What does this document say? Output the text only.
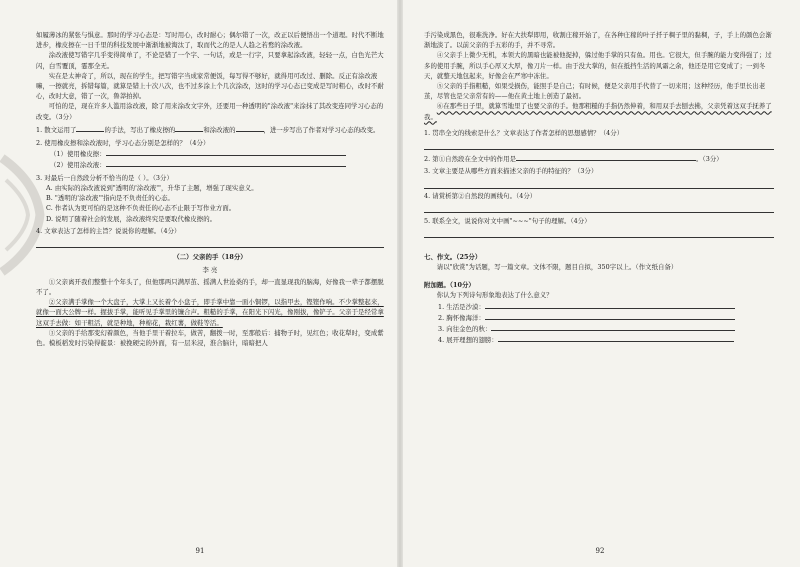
如履薄冰的紧张与惧意。那时的学习心态是：写时用心，改时耐心；偶尔错了一次，改正以后便悟出一个道理。时代不断地进步，橡皮擦在一日千里的科技发展中渐渐地被淘汰了，取而代之的是人人趋之若鹜的涂改液。

涂改液使写错字几乎变得简单了，不论是错了一个字、一句话，或是一行字，只要拿起涂改液，轻轻一点，白色光芒大闪，白雪覆顶，霎那全无。

实在是太神奇了，所以，现在的学生，把写错字当成家常便饭，每写得不够好，就得用可改过、删除。反正有涂改液嘛，一擦就亮，拆错每篇，就算是错上十次八次，也不过多涂上个几次涂改，这时的学习心态已变成是写时粗心，改时不耐心，改时大意，错了一次，鲁莽拍掉。

可怕的是，现在许多人滥用涂改液，除了用来涂改文字外，还要用一种透明的"涂改液"来涂抹了其改变连同学习心态的改变。（3分）

1. 散文运用了	的手法，写出了橡皮擦的	和涂改液的	，进一步写出了作者对学习心态的改变。

2. 使用橡皮擦和涂改液时，学习心态分别是怎样的？（4分）

（1）使用橡皮擦：

（2）使用涂改液：

3. 对最后一自然段分析不恰当的是（ ）。（3分）

A. 由实际的涂改液说到"透明的'涂改液'"，升华了主题，增强了现实意义。

B. "透明的'涂改液'"指向是不负责任的心态。

C. 作者认为更可怕的是这种不负责任的心态不止限于写作业方面。

D. 说明了随着社会的发展，涂改液终究是要取代橡皮擦的。

4. 文章表达了怎样的主旨？说说你的理解。（4分）

（二）父亲的手（18分）

李 亮

①父亲离开我们整整十个年头了，但他那两只满厚茧、摇满人世沧桑的手，却一直显现我的脑海，好像我一辈子都摆脱不了。

②父亲满手掌像一个大盘子，大掌上又长着个小盘子，即手掌中靠一面小铜锣，以指甲去，铿铿作响。不少掌整起来，就像一面大公牌一样。握拔手掌，能听见手掌里的镰合声。粗糙的手掌，在阳光下闪光，像刚拔，像铲子。父亲于是经常拿这双手去做：如干粗活，就是种地，种棉花，栽红薯，做鞋等活。

③父亲的手给那变幻着颜色，当他手里干着拉车，做苦，翻拨一时，至那般后：捕物子时，见红色；收花犁时，变成紫色。模板稻发时污染得靛景：被挽硬完的外面，有一层米浸，淮合脑计，暗暗把人

91

手污染成黑色，很难洗净。好在大扶犁即用，收割庄稼开始了，在各种庄稼的叶子扦子稠子里的黏稠，子，手上的颜色会渐渐地淡了。以前父亲的手五彩的手，并不寻常。

④父亲手上微少无机，本领大的黑暗也能被他捉掉，躲过他手掌的只有鱼。用也。它很大，但手腕的能力变得强了；过多的使用手腕，所以手心厚又大厚，像刀片一样。由于没大掌的，但在抵挡生活的风霜之余，他还是用它变成了；一到冬天，就整天地包起来，好像会在严寒中冻住。

⑤父亲的手指粗糙，如果受损伤，能照手是自己；有时候，便是父亲用手代替了一切来用；这种经历，他手里长出老茧，尽管也是父亲常有的——他在黄土地上创造了最初。

⑥在那些日子里，就算雪地里了也要父亲的手。他那粗糙的手指仍然伸着，和用双手去刨去拂，父亲凭着这双手抚养了我。

1. 贯串全文的线索是什么？文章表达了作者怎样的思想感情？（4分）

2. 第①自然段在全文中的作用是	。（3分）

3. 文章主要是从哪些方面来描述父亲的手的特征的？（3分）

4. 请赏析第②自然段的画线句。（4分）

5. 联系全文，说说你对文中画"~~~"句子的理解。（4分）

七、作文。（25分）

请以"欣赏"为话题，写一篇文章。文体不限，题目自拟，350字以上。（作文纸自备）

附加题。（10分）

你认为下列诗句形象地表达了什么意义？

1. 生活是沙漠：

2. 胸怀像海洋：

3. 向往金色的秋：

4. 展开理想的翅膀：

92
